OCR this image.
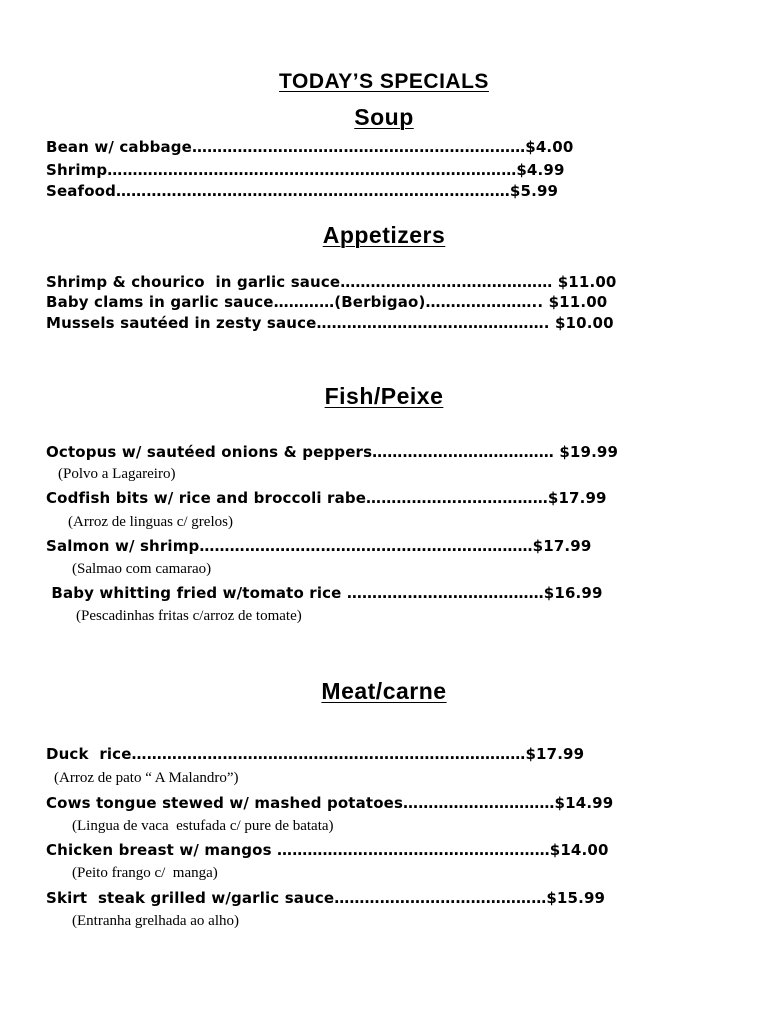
TODAY’S SPECIALS
Soup
Bean w/ cabbage…………………………………………………………$4.00
Shrimp………………………………………………………………………$4.99
Seafood……………………………………………………………………$5.99
Appetizers
Shrimp & chourico  in garlic sauce…………………………………… $11.00
Baby clams in garlic sauce…………(Berbigao)………………….. $11.00
Mussels sautéed in zesty sauce………………………………………. $10.00
Fish/Peixe
Octopus w/ sautéed onions & peppers……………………………… $19.99
(Polvo a Lagareiro)
Codfish bits w/ rice and broccoli rabe………………………………$17.99
(Arroz de linguas c/ grelos)
Salmon w/ shrimp…………………………………………………………$17.99
(Salmao com camarao)
Baby whitting fried w/tomato rice …………………………………$16.99
(Pescadinhas fritas c/arroz de tomate)
Meat/carne
Duck  rice……………………………………………………………………$17.99
(Arroz de pato “ A Malandro”)
Cows tongue stewed w/ mashed potatoes…………………………$14.99
(Lingua de vaca  estufada c/ pure de batata)
Chicken breast w/ mangos ………………………………………………$14.00
(Peito frango c/  manga)
Skirt  steak grilled w/garlic sauce……………………………………$15.99
(Entranha grelhada ao alho)
